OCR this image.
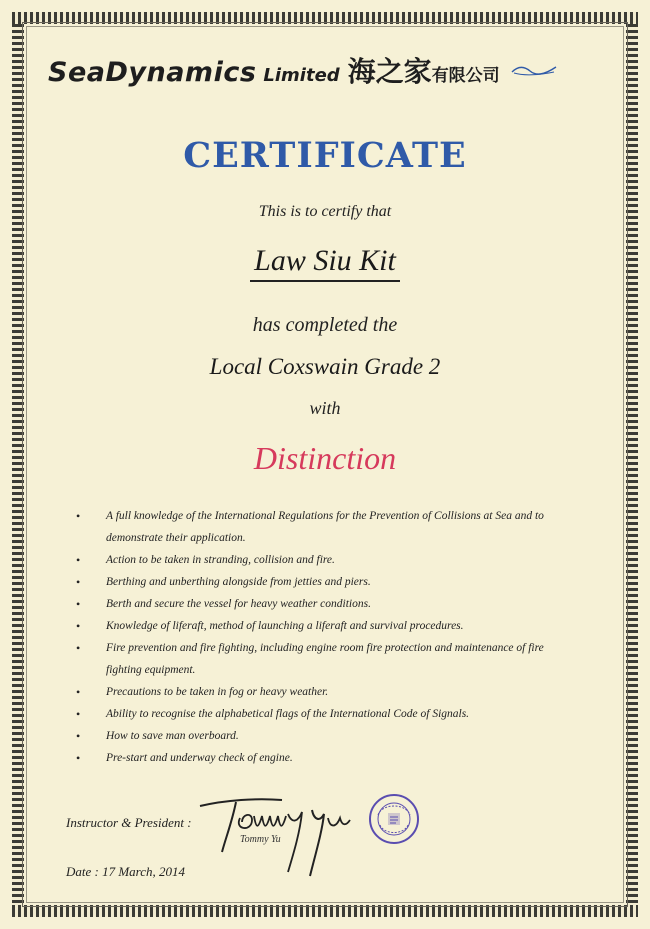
SeaDynamics Limited 海之家 有限公司
CERTIFICATE
This is to certify that
Law Siu Kit
has completed the
Local Coxswain Grade 2
with
Distinction
• A full knowledge of the International Regulations for the Prevention of Collisions at Sea and to demonstrate their application.
• Action to be taken in stranding, collision and fire.
• Berthing and unberthing alongside from jetties and piers.
• Berth and secure the vessel for heavy weather conditions.
• Knowledge of liferaft, method of launching a liferaft and survival procedures.
• Fire prevention and fire fighting, including engine room fire protection and maintenance of fire fighting equipment.
• Precautions to be taken in fog or heavy weather.
• Ability to recognise the alphabetical flags of the International Code of Signals.
• How to save man overboard.
• Pre-start and underway check of engine.
Instructor & President :
Tommy Yu
Date : 17 March, 2014
